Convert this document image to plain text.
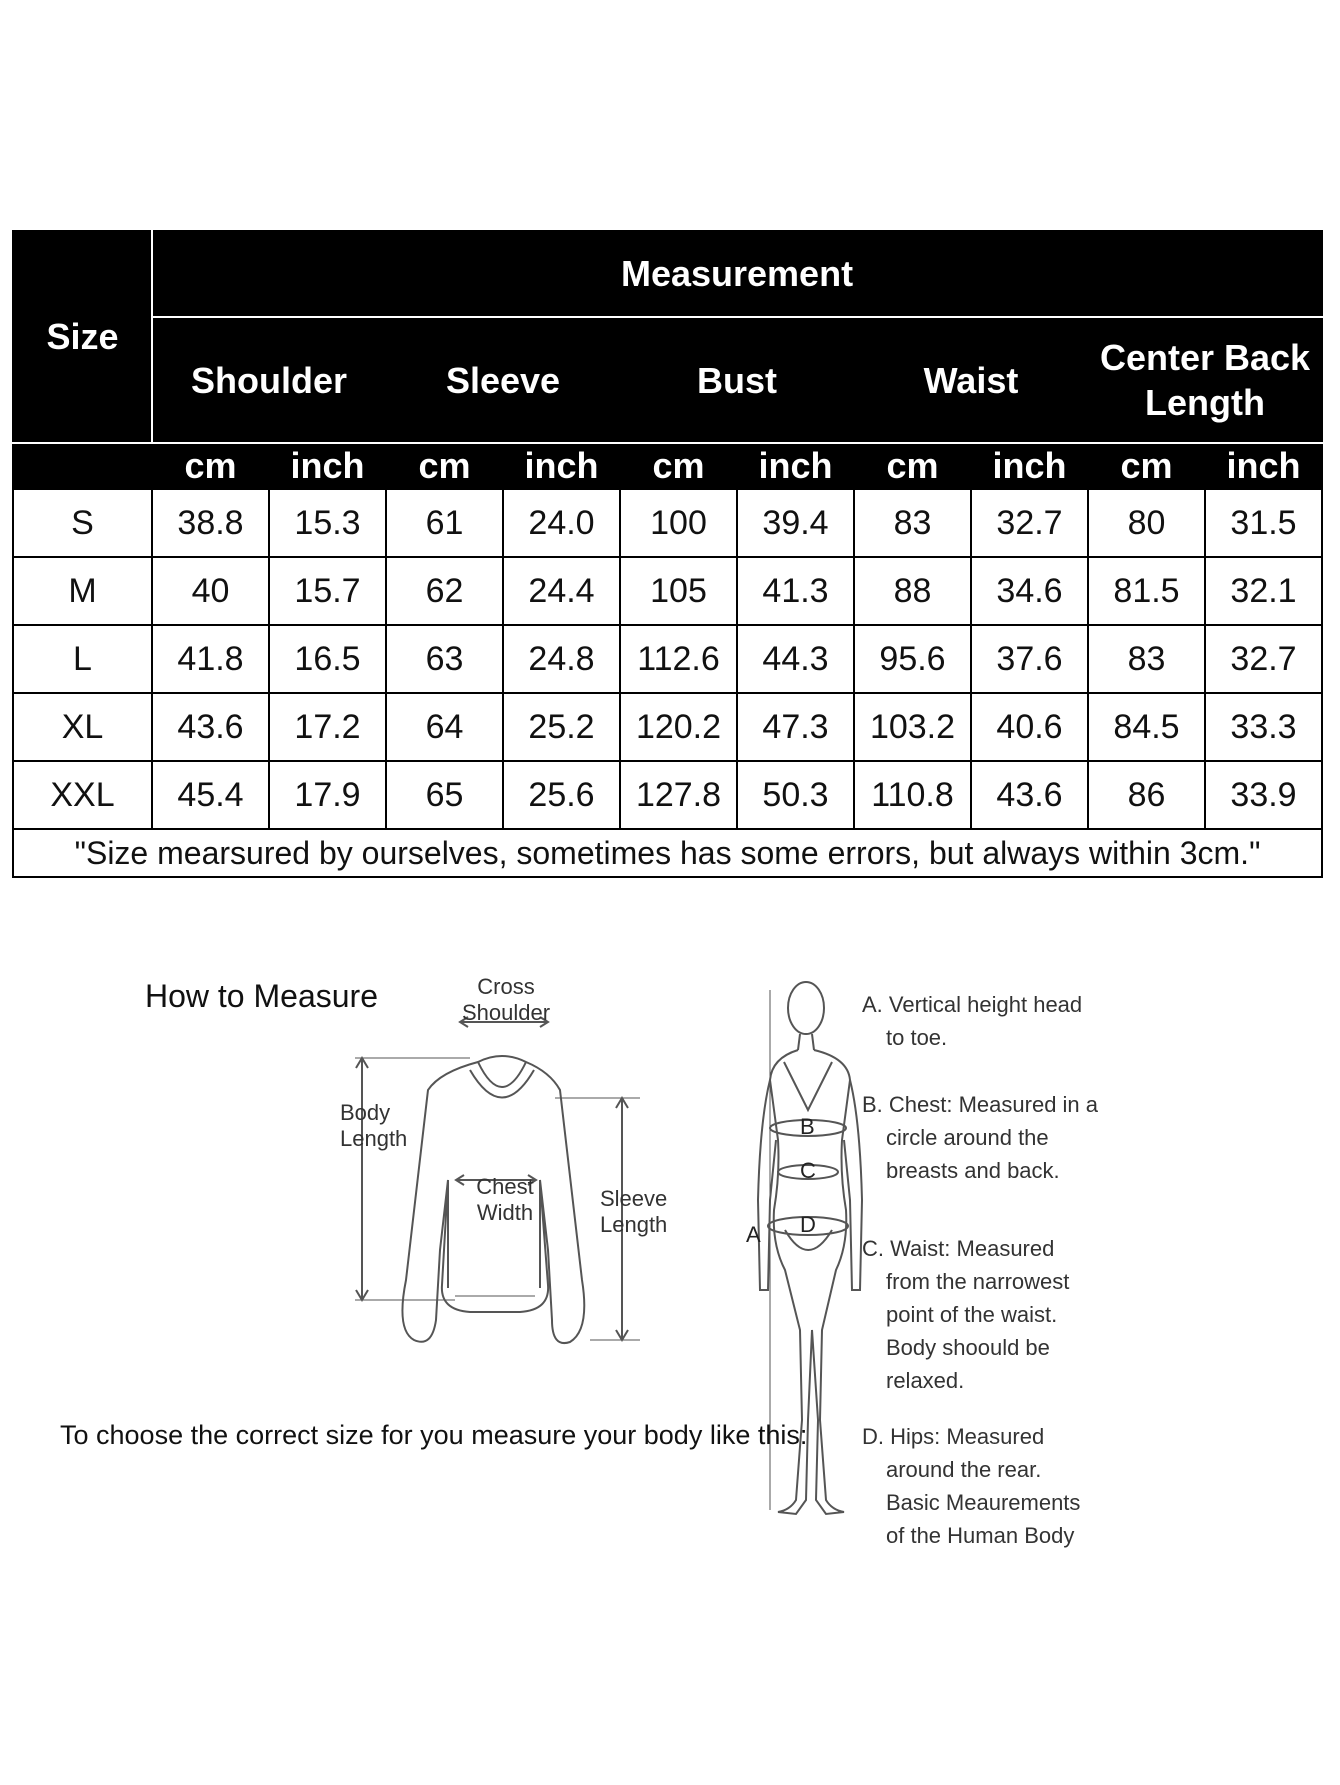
Size	Measurement									
	Shoulder		Sleeve		Bust		Waist		Center Back
Length	
	cm	inch	cm	inch	cm	inch	cm	inch	cm	inch
S	38.8	15.3	61	24.0	100	39.4	83	32.7	80	31.5
M	40	15.7	62	24.4	105	41.3	88	34.6	81.5	32.1
L	41.8	16.5	63	24.8	112.6	44.3	95.6	37.6	83	32.7
XL	43.6	17.2	64	25.2	120.2	47.3	103.2	40.6	84.5	33.3
XXL	45.4	17.9	65	25.6	127.8	50.3	110.8	43.6	86	33.9
"Size mearsured by ourselves, sometimes has some errors, but always within 3cm."										
How to Measure
A
B
C
D
Cross
Shoulder
Body
Length
Chest
Width
Sleeve
Length
To choose the correct size for you measure your body like this:
A. Vertical height head
to toe.
B. Chest: Measured in a
circle around the
breasts and back.
C. Waist: Measured
from the narrowest
point of the waist.
Body shoould be
relaxed.
D. Hips: Measured
around the rear.
Basic Meaurements
of the Human Body
